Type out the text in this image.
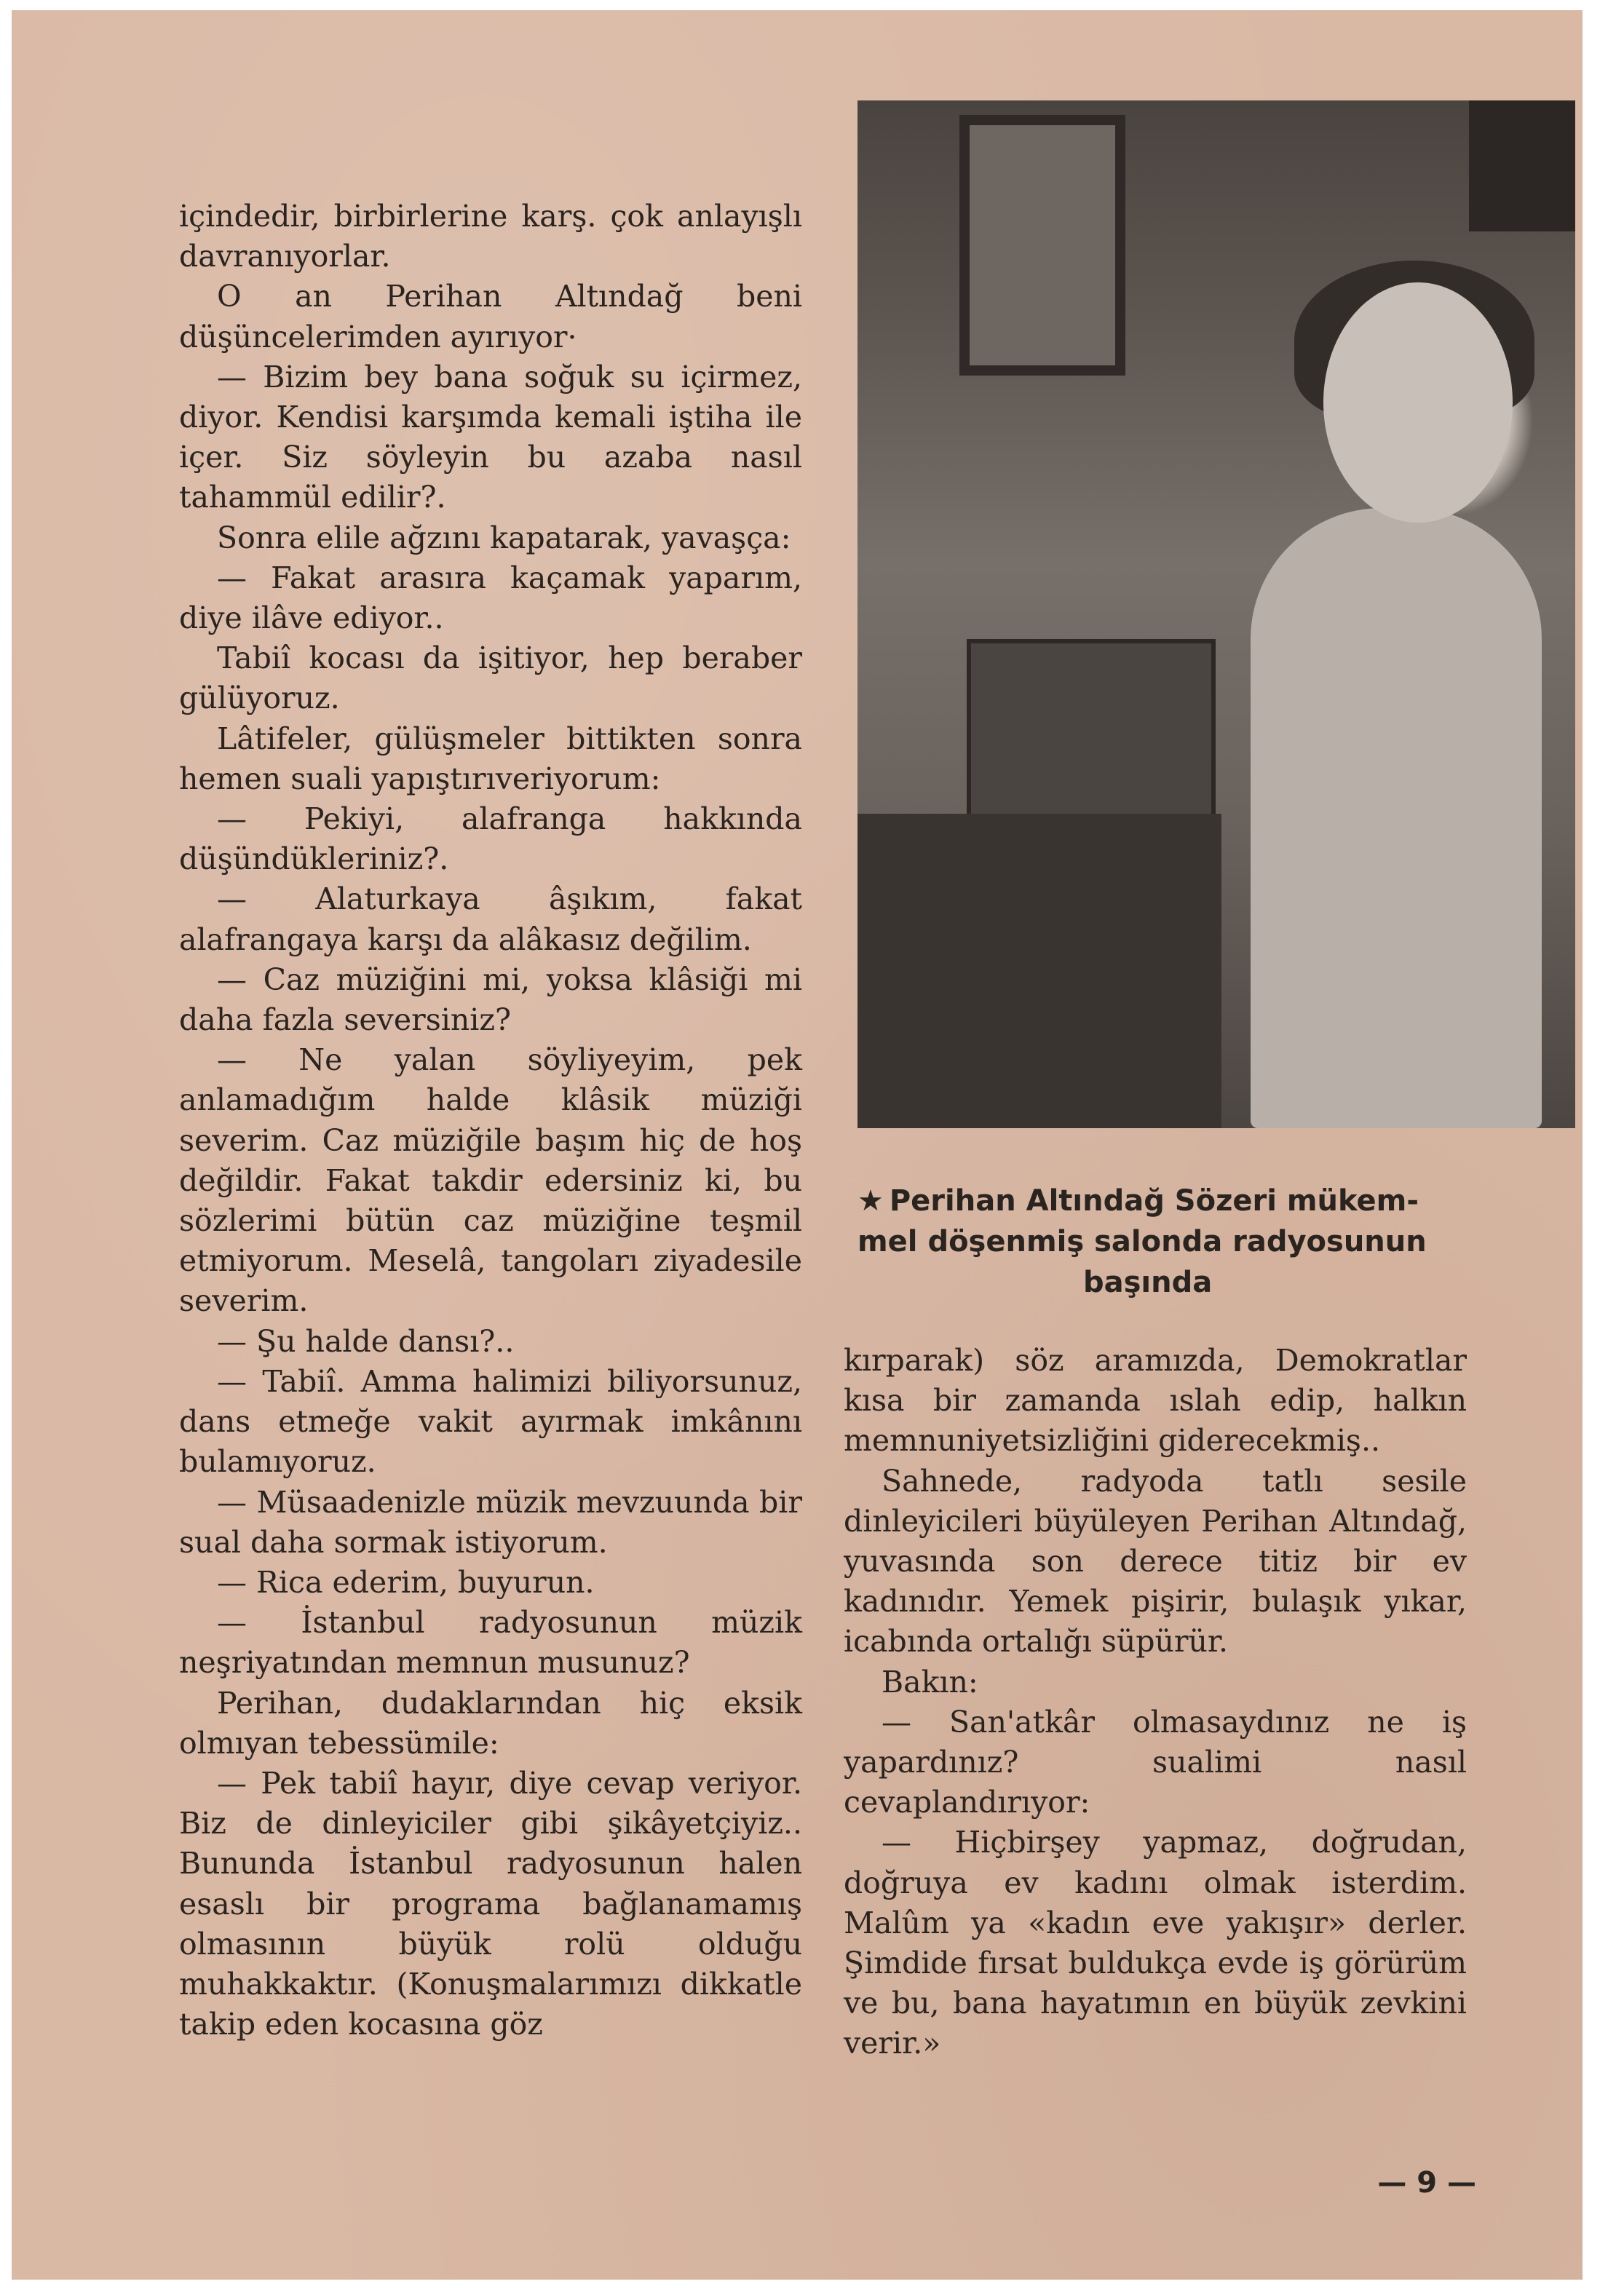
içindedir, birbirlerine karş. çok anlayışlı davranıyorlar.

O an Perihan Altındağ beni düşüncelerimden ayırıyor·

— Bizim bey bana soğuk su içirmez, diyor. Kendisi karşımda kemali iştiha ile içer. Siz söyleyin bu azaba nasıl tahammül edilir?.

Sonra elile ağzını kapatarak, yavaşça:

— Fakat arasıra kaçamak yaparım, diye ilâve ediyor..

Tabiî kocası da işitiyor, hep beraber gülüyoruz.

Lâtifeler, gülüşmeler bittikten sonra hemen suali yapıştırıveriyorum:

— Pekiyi, alafranga hakkında düşündükleriniz?.

— Alaturkaya âşıkım, fakat alafrangaya karşı da alâkasız değilim.

— Caz müziğini mi, yoksa klâsiği mi daha fazla seversiniz?

— Ne yalan söyliyeyim, pek anlamadığım halde klâsik müziği severim. Caz müziğile başım hiç de hoş değildir. Fakat takdir edersiniz ki, bu sözlerimi bütün caz müziğine teşmil etmiyorum. Meselâ, tangoları ziyadesile severim.

— Şu halde dansı?..

— Tabiî. Amma halimizi biliyorsunuz, dans etmeğe vakit ayırmak imkânını bulamıyoruz.

— Müsaadenizle müzik mevzuunda bir sual daha sormak istiyorum.

— Rica ederim, buyurun.

— İstanbul radyosunun müzik neşriyatından memnun musunuz?

Perihan, dudaklarından hiç eksik olmıyan tebessümile:

— Pek tabiî hayır, diye cevap veriyor. Biz de dinleyiciler gibi şikâyetçiyiz.. Bununda İstanbul radyosunun halen esaslı bir programa bağlanamamış olmasının büyük rolü olduğu muhakkaktır. (Konuşmalarımızı dikkatle takip eden kocasına göz

★ Perihan Altındağ Sözeri mükem-
mel döşenmiş salonda radyosunun
başında

kırparak) söz aramızda, Demokratlar kısa bir zamanda ıslah edip, halkın memnuniyetsizliğini giderecekmiş..

Sahnede, radyoda tatlı sesile dinleyicileri büyüleyen Perihan Altındağ, yuvasında son derece titiz bir ev kadınıdır. Yemek pişirir, bulaşık yıkar, icabında ortalığı süpürür.

Bakın:

— San'atkâr olmasaydınız ne iş yapardınız? sualimi nasıl cevaplandırıyor:

— Hiçbirşey yapmaz, doğrudan, doğruya ev kadını olmak isterdim. Malûm ya «kadın eve yakışır» derler. Şimdide fırsat buldukça evde iş görürüm ve bu, bana hayatımın en büyük zevkini verir.»

— 9 —
